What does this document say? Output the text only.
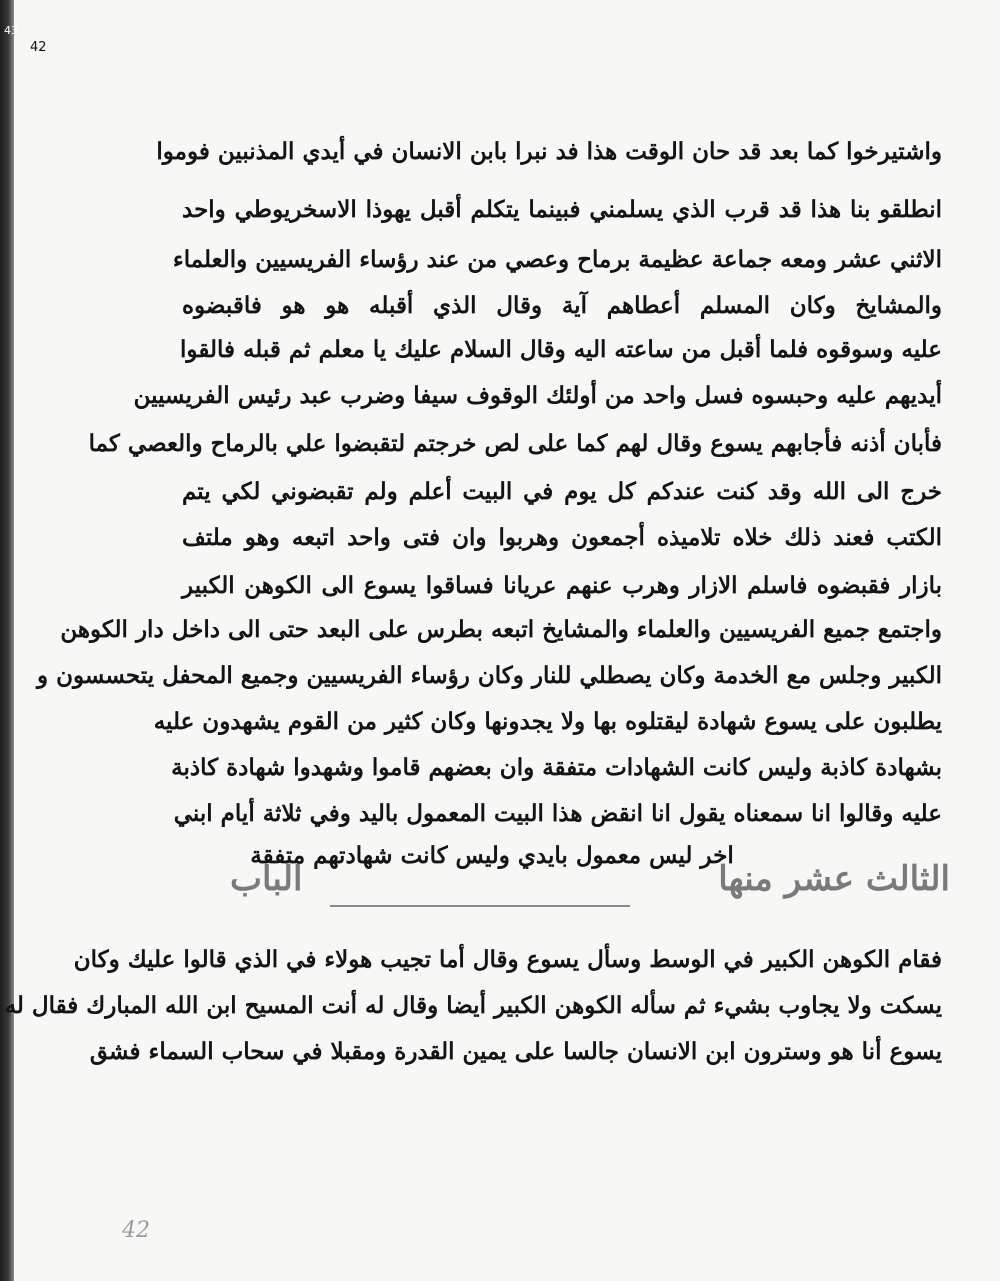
43
42
واشتيرخوا كما بعد قد حان الوقت هذا فد نبرا بابن الانسان في أيدي المذنبين فوموا
انطلقو بنا هذا قد قرب الذي يسلمني فبينما يتكلم أقبل يهوذا الاسخريوطي واحد
الاثني عشر ومعه جماعة عظيمة برماح وعصي من عند رؤساء الفريسيين والعلماء
والمشايخ وكان المسلم أعطاهم آية وقال الذي أقبله هو هو فاقبضوه
عليه وسوقوه فلما أقبل من ساعته اليه وقال السلام عليك يا معلم ثم قبله فالقوا
أيديهم عليه وحبسوه فسل واحد من أولئك الوقوف سيفا وضرب عبد رئيس الفريسيين
فأبان أذنه فأجابهم يسوع وقال لهم كما على لص خرجتم لتقبضوا علي بالرماح والعصي كما
خرج الى الله وقد كنت عندكم كل يوم في البيت أعلم ولم تقبضوني لكي يتم
الكتب فعند ذلك خلاه تلاميذه أجمعون وهربوا وان فتى واحد اتبعه وهو ملتف
بازار فقبضوه فاسلم الازار وهرب عنهم عريانا فساقوا يسوع الى الكوهن الكبير
واجتمع جميع الفريسيين والعلماء والمشايخ اتبعه بطرس على البعد حتى الى داخل دار الكوهن
الكبير وجلس مع الخدمة وكان يصطلي للنار وكان رؤساء الفريسيين وجميع المحفل يتحسسون و
يطلبون على يسوع شهادة ليقتلوه بها ولا يجدونها وكان كثير من القوم يشهدون عليه
بشهادة كاذبة وليس كانت الشهادات متفقة وان بعضهم قاموا وشهدوا شهادة كاذبة
عليه وقالوا انا سمعناه يقول انا انقض هذا البيت المعمول باليد وفي ثلاثة أيام ابني
اخر ليس معمول بايدي وليس كانت شهادتهم متفقة
فقام الكوهن الكبير في الوسط وسأل يسوع وقال أما تجيب هولاء في الذي قالوا عليك وكان
يسكت ولا يجاوب بشيء ثم سأله الكوهن الكبير أيضا وقال له أنت المسيح ابن الله المبارك فقال له
يسوع أنا هو وسترون ابن الانسان جالسا على يمين القدرة ومقبلا في سحاب السماء فشق
الباب	الثالث عشر منها
42
